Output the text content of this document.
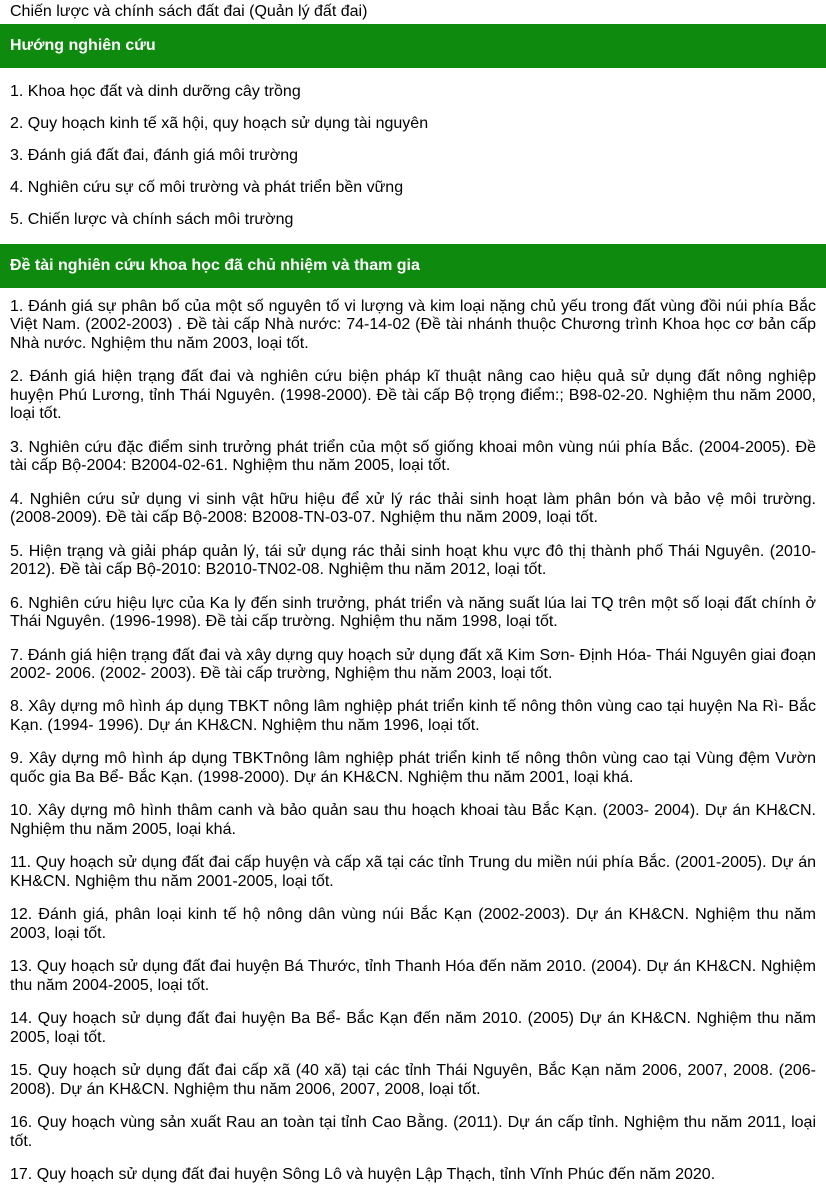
Chiến lược và chính sách đất đai (Quản lý đất đai)
Hướng nghiên cứu
1. Khoa học đất và dinh dưỡng cây trồng
2. Quy hoạch kinh tế xã hội, quy hoạch sử dụng tài nguyên
3. Đánh giá đất đai, đánh giá môi trường
4. Nghiên cứu sự cố môi trường và phát triển bền vững
5. Chiến lược và chính sách môi trường
Đề tài nghiên cứu khoa học đã chủ nhiệm và tham gia
1. Đánh giá sự phân bố của một số nguyên tố vi lượng và kim loại nặng chủ yếu trong đất vùng đồi núi phía Bắc Việt Nam. (2002-2003) . Đề tài cấp Nhà nước: 74-14-02 (Đề tài nhánh thuộc Chương trình Khoa học cơ bản cấp Nhà nước. Nghiệm thu năm 2003, loại tốt.
2. Đánh giá hiện trạng đất đai và nghiên cứu biện pháp kĩ thuật nâng cao hiệu quả sử dụng đất nông nghiệp huyện Phú Lương, tỉnh Thái Nguyên. (1998-2000). Đề tài cấp Bộ trọng điểm:; B98-02-20. Nghiệm thu năm 2000, loại tốt.
3. Nghiên cứu đặc điểm sinh trưởng phát triển của một số giống khoai môn vùng núi phía Bắc. (2004-2005). Đề tài cấp Bộ-2004: B2004-02-61. Nghiệm thu năm 2005, loại tốt.
4. Nghiên cứu sử dụng vi sinh vật hữu hiệu để xử lý rác thải sinh hoạt làm phân bón và bảo vệ môi trường. (2008-2009). Đề tài cấp Bộ-2008: B2008-TN-03-07. Nghiệm thu năm 2009, loại tốt.
5. Hiện trạng và giải pháp quản lý, tái sử dụng rác thải sinh hoạt khu vực đô thị thành phố Thái Nguyên. (2010-2012). Đề tài cấp Bộ-2010: B2010-TN02-08. Nghiệm thu năm 2012, loại tốt.
6. Nghiên cứu hiệu lực của Ka ly đến sinh trưởng, phát triển và năng suất lúa lai TQ trên một số loại đất chính ở Thái Nguyên. (1996-1998). Đề tài cấp trường. Nghiệm thu năm 1998, loại tốt.
7. Đánh giá hiện trạng đất đai và xây dựng quy hoạch sử dụng đất xã Kim Sơn- Định Hóa- Thái Nguyên giai đoạn 2002- 2006. (2002- 2003). Đề tài cấp trường, Nghiệm thu năm 2003, loại tốt.
8. Xây dựng mô hình áp dụng TBKT nông lâm nghiệp phát triển kinh tế nông thôn vùng cao tại huyện Na Rì- Bắc Kạn. (1994- 1996). Dự án KH&CN. Nghiệm thu năm 1996, loại tốt.
9. Xây dựng mô hình áp dụng TBKTnông lâm nghiệp phát triển kinh tế nông thôn vùng cao tại Vùng đệm Vườn quốc gia Ba Bể- Bắc Kạn. (1998-2000). Dự án KH&CN. Nghiệm thu năm 2001, loại khá.
10. Xây dựng mô hình thâm canh và bảo quản sau thu hoạch khoai tàu Bắc Kạn. (2003- 2004). Dự án KH&CN. Nghiệm thu năm 2005, loại khá.
11. Quy hoạch sử dụng đất đai cấp huyện và cấp xã tại các tỉnh Trung du miền núi phía Bắc. (2001-2005). Dự án KH&CN. Nghiệm thu năm 2001-2005, loại tốt.
12. Đánh giá, phân loại kinh tế hộ nông dân vùng núi Bắc Kạn (2002-2003). Dự án KH&CN. Nghiệm thu năm 2003, loại tốt.
13. Quy hoạch sử dụng đất đai huyện Bá Thước, tỉnh Thanh Hóa đến năm 2010. (2004). Dự án KH&CN. Nghiệm thu năm 2004-2005, loại tốt.
14. Quy hoạch sử dụng đất đai huyện Ba Bể- Bắc Kạn đến năm 2010. (2005) Dự án KH&CN. Nghiệm thu năm 2005, loại tốt.
15. Quy hoạch sử dụng đất đai cấp xã (40 xã) tại các tỉnh Thái Nguyên, Bắc Kạn năm 2006, 2007, 2008. (206- 2008). Dự án KH&CN. Nghiệm thu năm 2006, 2007, 2008, loại tốt.
16. Quy hoạch vùng sản xuất Rau an toàn tại tỉnh Cao Bằng. (2011). Dự án cấp tỉnh. Nghiệm thu năm 2011, loại tốt.
17. Quy hoạch sử dụng đất đai huyện Sông Lô và huyện Lập Thạch, tỉnh Vĩnh Phúc đến năm 2020.
